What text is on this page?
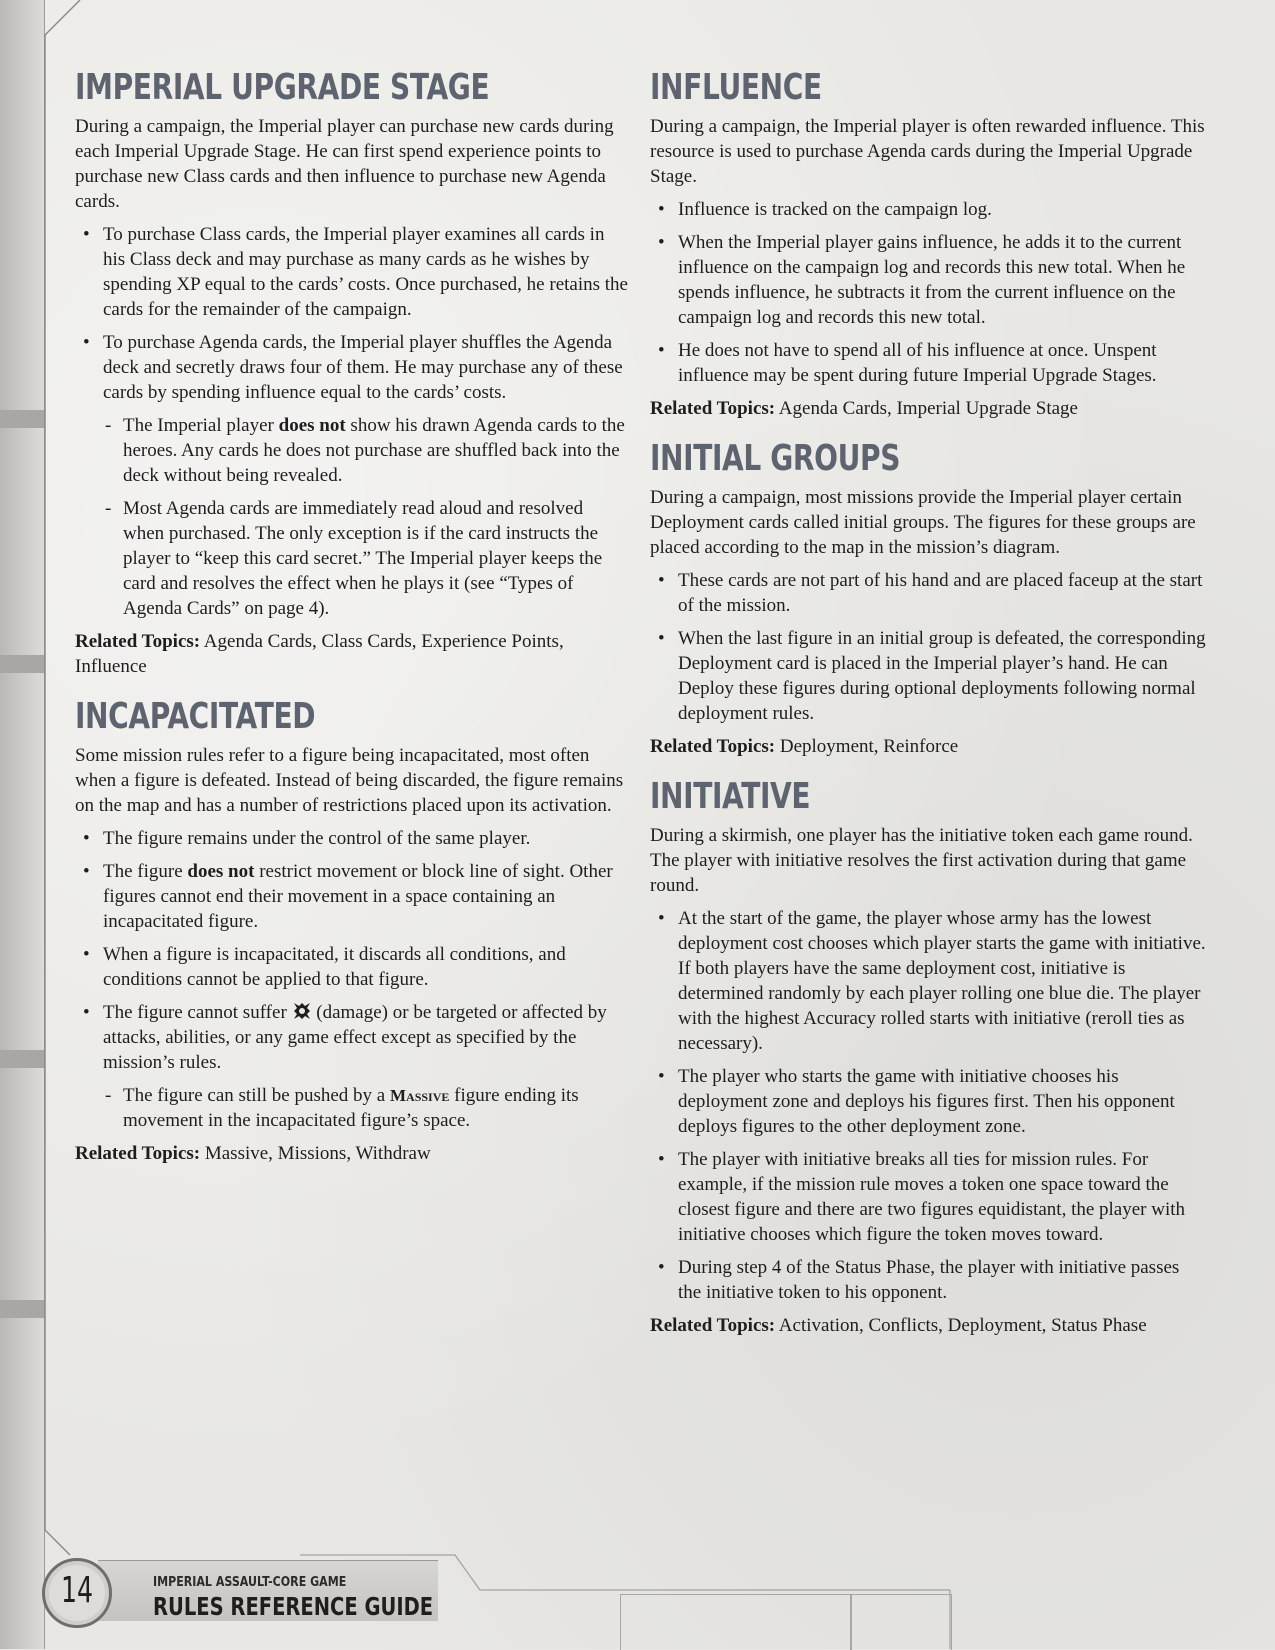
IMPERIAL UPGRADE STAGE

During a campaign, the Imperial player can purchase new cards during each Imperial Upgrade Stage. He can first spend experience points to purchase new Class cards and then influence to purchase new Agenda cards.

• To purchase Class cards, the Imperial player examines all cards in his Class deck and may purchase as many cards as he wishes by spending XP equal to the cards’ costs. Once purchased, he retains the cards for the remainder of the campaign.
• To purchase Agenda cards, the Imperial player shuffles the Agenda deck and secretly draws four of them. He may purchase any of these cards by spending influence equal to the cards’ costs.
- The Imperial player does not show his drawn Agenda cards to the heroes. Any cards he does not purchase are shuffled back into the deck without being revealed.
- Most Agenda cards are immediately read aloud and resolved when purchased. The only exception is if the card instructs the player to “keep this card secret.” The Imperial player keeps the card and resolves the effect when he plays it (see “Types of Agenda Cards” on page 4).

Related Topics: Agenda Cards, Class Cards, Experience Points, Influence

INCAPACITATED

Some mission rules refer to a figure being incapacitated, most often when a figure is defeated. Instead of being discarded, the figure remains on the map and has a number of restrictions placed upon its activation.

• The figure remains under the control of the same player.
• The figure does not restrict movement or block line of sight. Other figures cannot end their movement in a space containing an incapacitated figure.
• When a figure is incapacitated, it discards all conditions, and conditions cannot be applied to that figure.
• The figure cannot suffer  (damage) or be targeted or affected by attacks, abilities, or any game effect except as specified by the mission’s rules.
- The figure can still be pushed by a Massive figure ending its movement in the incapacitated figure’s space.

Related Topics: Massive, Missions, Withdraw

INFLUENCE

During a campaign, the Imperial player is often rewarded influence. This resource is used to purchase Agenda cards during the Imperial Upgrade Stage.

• Influence is tracked on the campaign log.
• When the Imperial player gains influence, he adds it to the current influence on the campaign log and records this new total. When he spends influence, he subtracts it from the current influence on the campaign log and records this new total.
• He does not have to spend all of his influence at once. Unspent influence may be spent during future Imperial Upgrade Stages.

Related Topics: Agenda Cards, Imperial Upgrade Stage

INITIAL GROUPS

During a campaign, most missions provide the Imperial player certain Deployment cards called initial groups. The figures for these groups are placed according to the map in the mission’s diagram.

• These cards are not part of his hand and are placed faceup at the start of the mission.
• When the last figure in an initial group is defeated, the corresponding Deployment card is placed in the Imperial player’s hand. He can Deploy these figures during optional deployments following normal deployment rules.

Related Topics: Deployment, Reinforce

INITIATIVE

During a skirmish, one player has the initiative token each game round. The player with initiative resolves the first activation during that game round.

• At the start of the game, the player whose army has the lowest deployment cost chooses which player starts the game with initiative. If both players have the same deployment cost, initiative is determined randomly by each player rolling one blue die. The player with the highest Accuracy rolled starts with initiative (reroll ties as necessary).
• The player who starts the game with initiative chooses his deployment zone and deploys his figures first. Then his opponent deploys figures to the other deployment zone.
• The player with initiative breaks all ties for mission rules. For example, if the mission rule moves a token one space toward the closest figure and there are two figures equidistant, the player with initiative chooses which figure the token moves toward.
• During step 4 of the Status Phase, the player with initiative passes the initiative token to his opponent.

Related Topics: Activation, Conflicts, Deployment, Status Phase

14	IMPERIAL ASSAULT-CORE GAME
RULES REFERENCE GUIDE
